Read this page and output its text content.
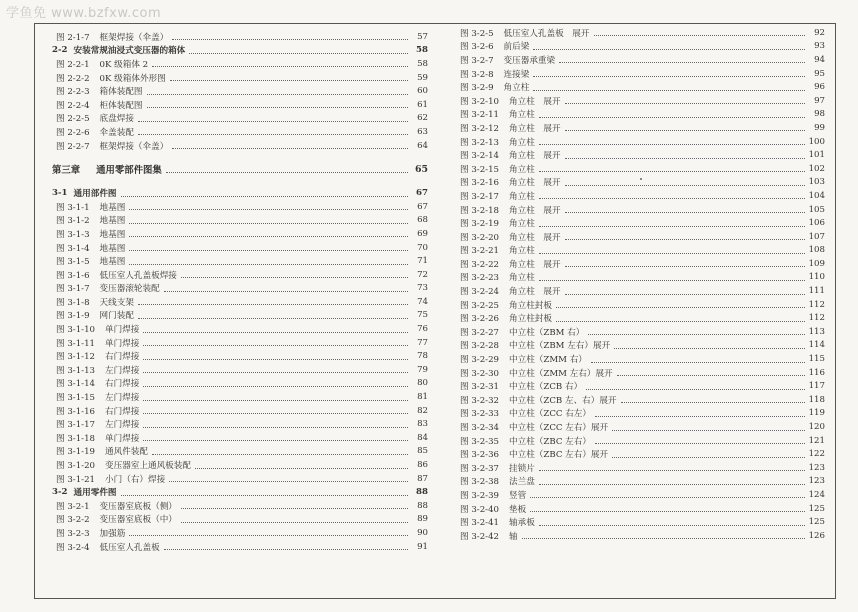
学鱼免 www.bzfxw.com
图 2-1-7 框架焊接（伞盖）	57
2-2 安装常规油浸式变压器的箱体	58
图 2-2-1 0K 级箱体 2	58
图 2-2-2 0K 级箱体外形图	59
图 2-2-3 箱体装配图	60
图 2-2-4 柜体装配图	61
图 2-2-5 底盘焊接	62
图 2-2-6 伞盖装配	63
图 2-2-7 框架焊接（伞盖）	64
第三章 通用零部件图集	65
3-1 通用部件图	67
图 3-1-1 地基图	67
图 3-1-2 地基图	68
图 3-1-3 地基图	69
图 3-1-4 地基图	70
图 3-1-5 地基图	71
图 3-1-6 低压室人孔盖板焊接	72
图 3-1-7 变压器滚轮装配	73
图 3-1-8 天线支架	74
图 3-1-9 网门装配	75
图 3-1-10 单门焊接	76
图 3-1-11 单门焊接	77
图 3-1-12 右门焊接	78
图 3-1-13 左门焊接	79
图 3-1-14 右门焊接	80
图 3-1-15 左门焊接	81
图 3-1-16 右门焊接	82
图 3-1-17 左门焊接	83
图 3-1-18 单门焊接	84
图 3-1-19 通风件装配	85
图 3-1-20 变压器室上通风板装配	86
图 3-1-21 小门（右）焊接	87
3-2 通用零件图	88
图 3-2-1 变压器室底板（侧）	88
图 3-2-2 变压器室底板（中）	89
图 3-2-3 加强筋	90
图 3-2-4 低压室人孔盖板	91
图 3-2-5 低压室人孔盖板　展开	92
图 3-2-6 前后梁	93
图 3-2-7 变压器承重梁	94
图 3-2-8 连接梁	95
图 3-2-9 角立柱	96
图 3-2-10 角立柱　展开	97
图 3-2-11 角立柱	98
图 3-2-12 角立柱　展开	99
图 3-2-13 角立柱	100
图 3-2-14 角立柱　展开	101
图 3-2-15 角立柱	102
图 3-2-16 角立柱　展开	103
图 3-2-17 角立柱	104
图 3-2-18 角立柱　展开	105
图 3-2-19 角立柱	106
图 3-2-20 角立柱　展开	107
图 3-2-21 角立柱	108
图 3-2-22 角立柱　展开	109
图 3-2-23 角立柱	110
图 3-2-24 角立柱　展开	111
图 3-2-25 角立柱封板	112
图 3-2-26 角立柱封板	112
图 3-2-27 中立柱（ZBM 右）	113
图 3-2-28 中立柱（ZBM 左右）展开	114
图 3-2-29 中立柱（ZMM 右）	115
图 3-2-30 中立柱（ZMM 左右）展开	116
图 3-2-31 中立柱（ZCB 右）	117
图 3-2-32 中立柱（ZCB 左、右）展开	118
图 3-2-33 中立柱（ZCC 右左）	119
图 3-2-34 中立柱（ZCC 左右）展开	120
图 3-2-35 中立柱（ZBC 左右）	121
图 3-2-36 中立柱（ZBC 左右）展开	122
图 3-2-37 挂锁片	123
图 3-2-38 法兰盘	123
图 3-2-39 竖管	124
图 3-2-40 垫板	125
图 3-2-41 轴承板	125
图 3-2-42 轴	126
